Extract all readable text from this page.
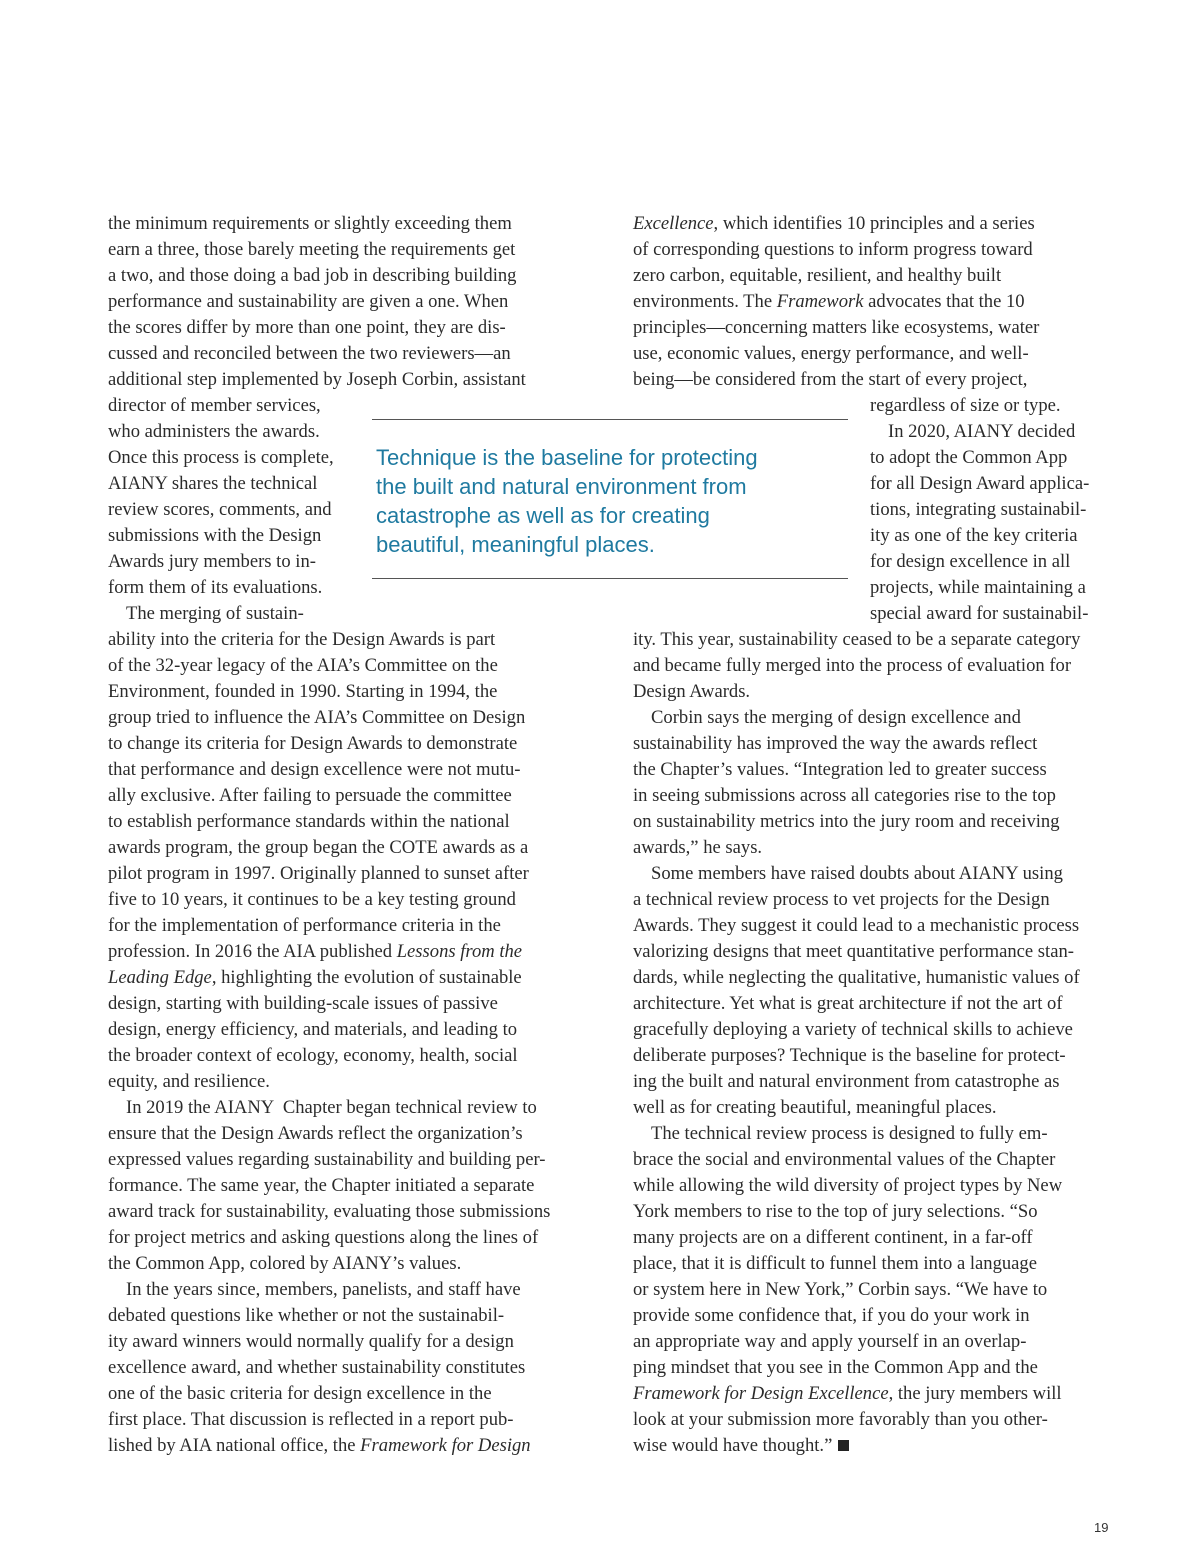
the minimum requirements or slightly exceeding them

earn a three, those barely meeting the requirements get

a two, and those doing a bad job in describing building

performance and sustainability are given a one. When

the scores differ by more than one point, they are dis-

cussed and reconciled between the two reviewers—an

additional step implemented by Joseph Corbin, assistant

director of member services,

who administers the awards.

Once this process is complete,

AIANY shares the technical

review scores, comments, and

submissions with the Design

Awards jury members to in-

form them of its evaluations.

The merging of sustain-

ability into the criteria for the Design Awards is part

of the 32-year legacy of the AIA’s Committee on the

Environment, founded in 1990. Starting in 1994, the

group tried to influence the AIA’s Committee on Design

to change its criteria for Design Awards to demonstrate

that performance and design excellence were not mutu-

ally exclusive. After failing to persuade the committee

to establish performance standards within the national

awards program, the group began the COTE awards as a

pilot program in 1997. Originally planned to sunset after

five to 10 years, it continues to be a key testing ground

for the implementation of performance criteria in the

profession. In 2016 the AIA published Lessons from the

Leading Edge, highlighting the evolution of sustainable

design, starting with building-scale issues of passive

design, energy efficiency, and materials, and leading to

the broader context of ecology, economy, health, social

equity, and resilience.

In 2019 the AIANY  Chapter began technical review to

ensure that the Design Awards reflect the organization’s

expressed values regarding sustainability and building per-

formance. The same year, the Chapter initiated a separate

award track for sustainability, evaluating those submissions

for project metrics and asking questions along the lines of

the Common App, colored by AIANY’s values.

In the years since, members, panelists, and staff have

debated questions like whether or not the sustainabil-

ity award winners would normally qualify for a design

excellence award, and whether sustainability constitutes

one of the basic criteria for design excellence in the

first place. That discussion is reflected in a report pub-

lished by AIA national office, the Framework for Design

Excellence, which identifies 10 principles and a series

of corresponding questions to inform progress toward

zero carbon, equitable, resilient, and healthy built

environments. The Framework advocates that the 10

principles—concerning matters like ecosystems, water

use, economic values, energy performance, and well-

being—be considered from the start of every project,

regardless of size or type.

In 2020, AIANY decided

to adopt the Common App

for all Design Award applica-

tions, integrating sustainabil-

ity as one of the key criteria

for design excellence in all

projects, while maintaining a

special award for sustainabil-

ity. This year, sustainability ceased to be a separate category

and became fully merged into the process of evaluation for

Design Awards.

Corbin says the merging of design excellence and

sustainability has improved the way the awards reflect

the Chapter’s values. “Integration led to greater success

in seeing submissions across all categories rise to the top

on sustainability metrics into the jury room and receiving

awards,” he says.

Some members have raised doubts about AIANY using

a technical review process to vet projects for the Design

Awards. They suggest it could lead to a mechanistic process

valorizing designs that meet quantitative performance stan-

dards, while neglecting the qualitative, humanistic values of

architecture. Yet what is great architecture if not the art of

gracefully deploying a variety of technical skills to achieve

deliberate purposes? Technique is the baseline for protect-

ing the built and natural environment from catastrophe as

well as for creating beautiful, meaningful places.

The technical review process is designed to fully em-

brace the social and environmental values of the Chapter

while allowing the wild diversity of project types by New

York members to rise to the top of jury selections. “So

many projects are on a different continent, in a far-off

place, that it is difficult to funnel them into a language

or system here in New York,” Corbin says. “We have to

provide some confidence that, if you do your work in

an appropriate way and apply yourself in an overlap-

ping mindset that you see in the Common App and the

Framework for Design Excellence, the jury members will

look at your submission more favorably than you other-

wise would have thought.”

Technique is the baseline for protecting
the built and natural environment from
catastrophe as well as for creating
beautiful, meaningful places.
19
